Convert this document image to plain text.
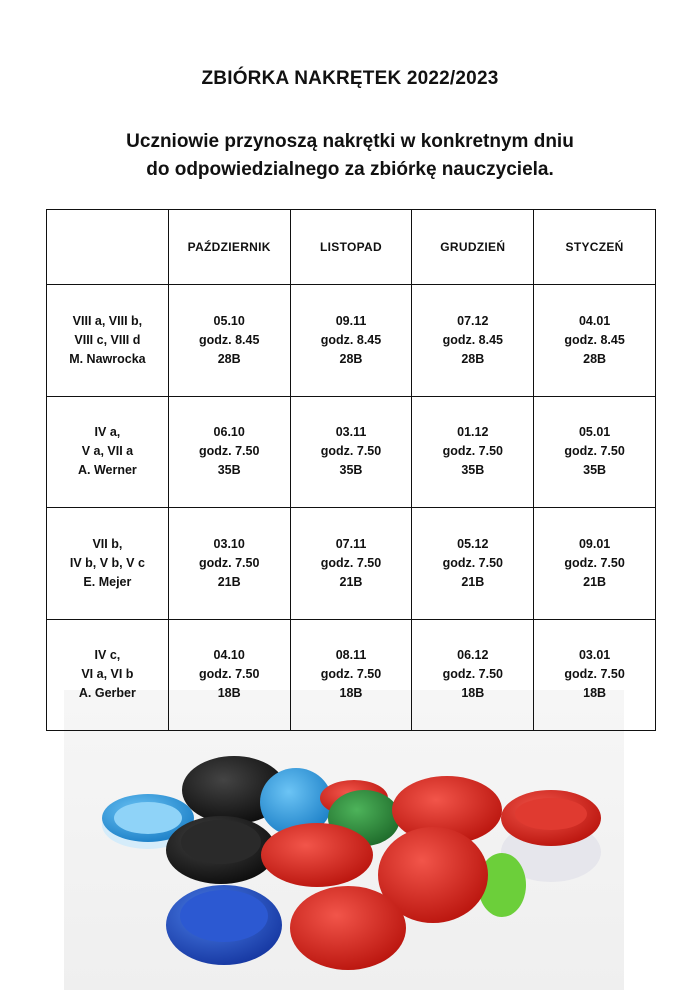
ZBIÓRKA NAKRĘTEK 2022/2023
Uczniowie przynoszą nakrętki w konkretnym dniu
do odpowiedzialnego za zbiórkę nauczyciela.
	PAŹDZIERNIK	LISTOPAD	GRUDZIEŃ	STYCZEŃ

VIII a, VIII b,
VIII c, VIII d
M. Nawrocka	05.10
godz. 8.45
28B	09.11
godz. 8.45
28B	07.12
godz. 8.45
28B	04.01
godz. 8.45
28B

IV a,
V a, VII a
A. Werner	06.10
godz. 7.50
35B	03.11
godz. 7.50
35B	01.12
godz. 7.50
35B	05.01
godz. 7.50
35B

VII b,
IV b, V b, V c
E. Mejer	03.10
godz. 7.50
21B	07.11
godz. 7.50
21B	05.12
godz. 7.50
21B	09.01
godz. 7.50
21B

IV c,
VI a, VI b
A. Gerber	04.10
godz. 7.50
18B	08.11
godz. 7.50
18B	06.12
godz. 7.50
18B	03.01
godz. 7.50
18B
